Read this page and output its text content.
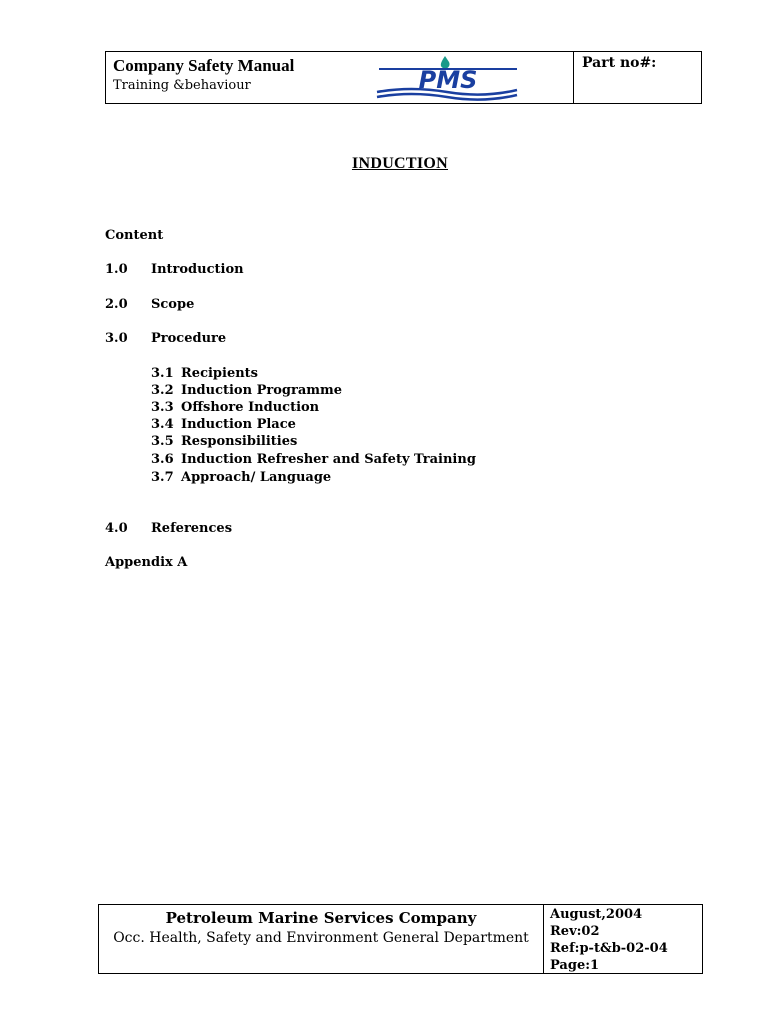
Company Safety Manual
Training &behaviour	PMS
Part no#:
INDUCTION
Content
1.0 Introduction
2.0 Scope
3.0 Procedure
3.1 Recipients
3.2 Induction Programme
3.3 Offshore Induction
3.4 Induction Place
3.5 Responsibilities
3.6 Induction Refresher and Safety Training
3.7 Approach/ Language
4.0 References
Appendix A
Petroleum Marine Services Company
Occ. Health, Safety and Environment General Department
August,2004
Rev:02
Ref:p-t&b-02-04
Page:1
